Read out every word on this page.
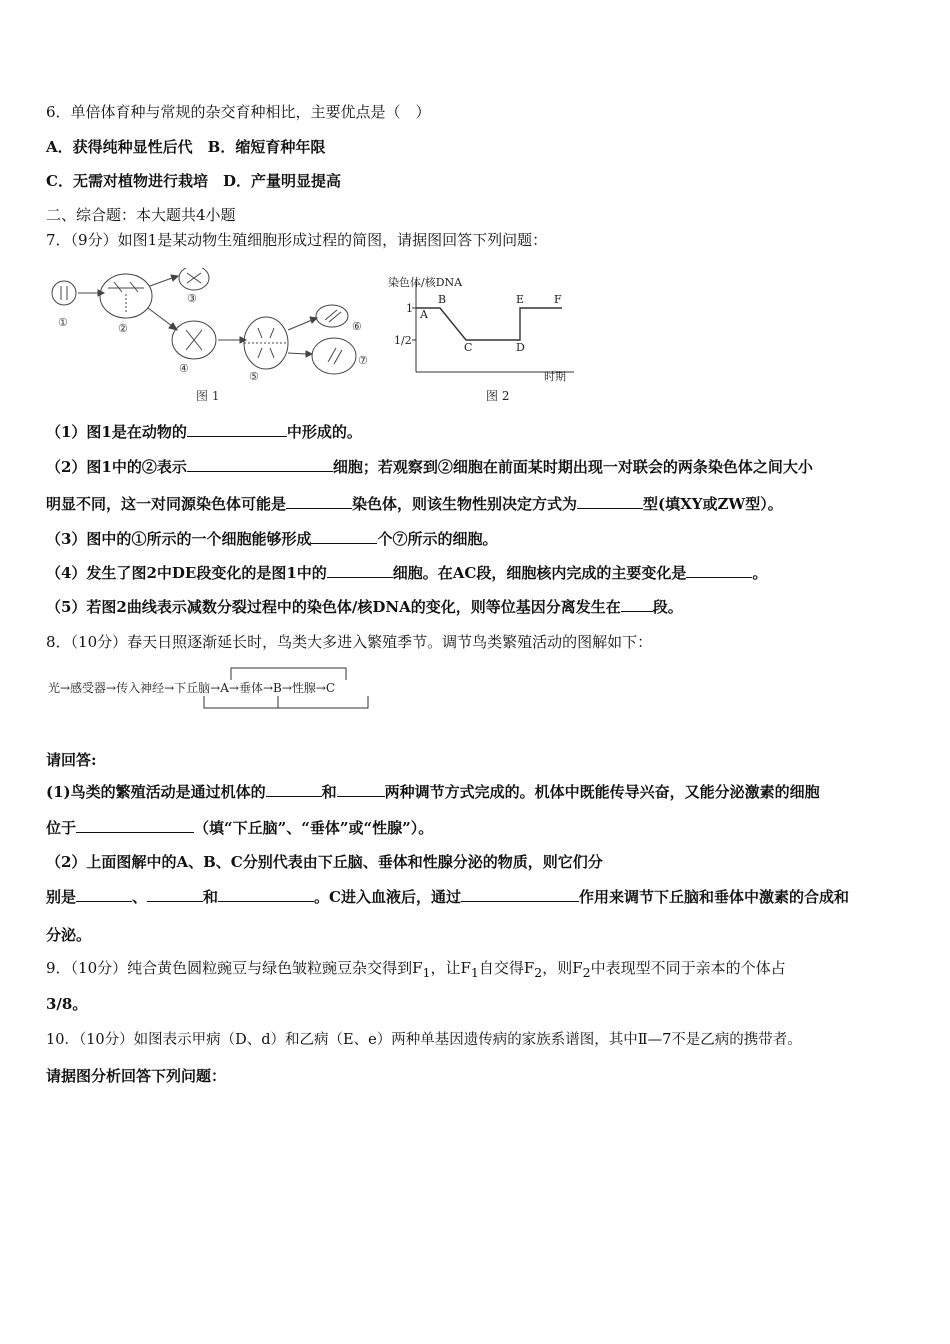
6．单倍体育种与常规的杂交育种相比，主要优点是（　）
A．获得纯种显性后代　B．缩短育种年限
C．无需对植物进行栽培　D．产量明显提高
二、综合题：本大题共4小题
7．（9分）如图1是某动物生殖细胞形成过程的简图，请据图回答下列问题：
①	②
③
④
⑤
⑥
⑦
图 1
染色体/核DNA
1
1/2
A
B
C	D
E	F
时期
图 2
（1）图1是在动物的	中形成的。
（2）图1中的②表示	细胞；若观察到②细胞在前面某时期出现一对联会的两条染色体之间大小
明显不同，这一对同源染色体可能是	染色体，则该生物性别决定方式为	型(填XY或ZW型）。
（3）图中的①所示的一个细胞能够形成	个⑦所示的细胞。
（4）发生了图2中DE段变化的是图1中的	细胞。在AC段，细胞核内完成的主要变化是	。
（5）若图2曲线表示减数分裂过程中的染色体/核DNA的变化，则等位基因分离发生在 段。
8．（10分）春天日照逐渐延长时，鸟类大多进入繁殖季节。调节鸟类繁殖活动的图解如下：
光→感受器→传入神经→下丘脑→A→垂体→B→性腺→C
请回答:
(1)鸟类的繁殖活动是通过机体的	和	两种调节方式完成的。机体中既能传导兴奋，又能分泌激素的细胞
位于	（填“下丘脑”、“垂体”或“性腺”）。
（2）上面图解中的A、B、C分别代表由下丘脑、垂体和性腺分泌的物质，则它们分
别是	、	和	。C进入血液后，通过	作用来调节下丘脑和垂体中激素的合成和
分泌。
9．（10分）纯合黄色圆粒豌豆与绿色皱粒豌豆杂交得到$F_1$，让$F_1$自交得$F_2$，则$F_2$中表现型不同于亲本的个体占
3/8。
10．（10分）如图表示甲病（D、d）和乙病（E、e）两种单基因遗传病的家族系谱图，其中Ⅱ—7不是乙病的携带者。
请据图分析回答下列问题：
